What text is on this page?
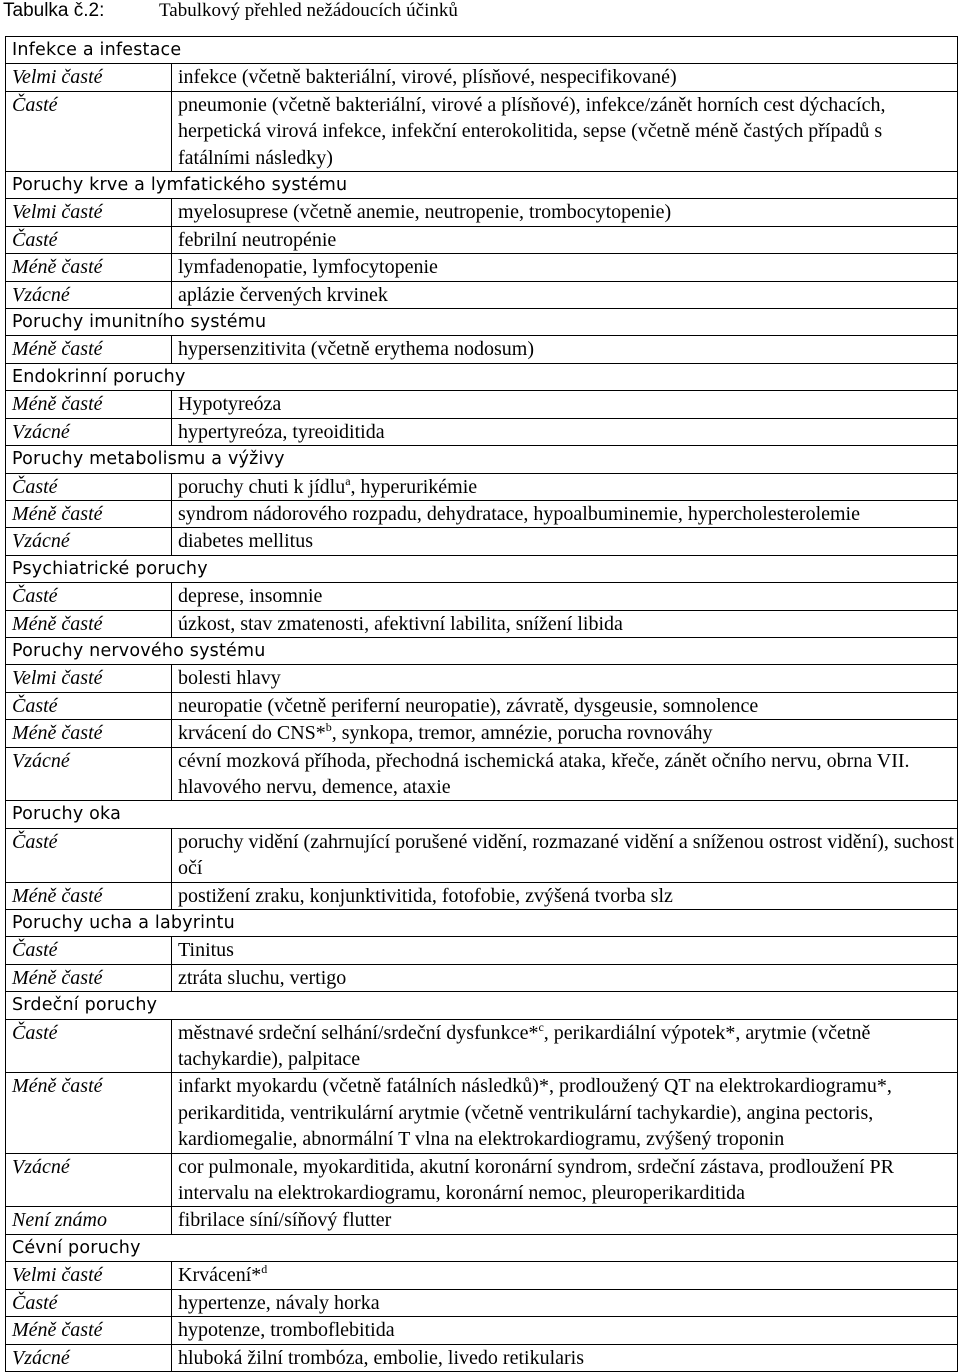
Tabulka č.2:	Tabulkový přehled nežádoucích účinků
Infekce a infestace	
Velmi časté	infekce (včetně bakteriální, virové, plísňové, nespecifikované)
Časté	pneumonie (včetně bakteriální, virové a plísňové), infekce/zánět horních cest dýchacích, herpetická virová infekce, infekční enterokolitida, sepse (včetně méně častých případů s fatálními následky)
Poruchy krve a lymfatického systému	
Velmi časté	myelosuprese (včetně anemie, neutropenie, trombocytopenie)
Časté	febrilní neutropénie
Méně časté	lymfadenopatie, lymfocytopenie
Vzácné	aplázie červených krvinek
Poruchy imunitního systému	
Méně časté	hypersenzitivita (včetně erythema nodosum)
Endokrinní poruchy	
Méně časté	Hypotyreóza
Vzácné	hypertyreóza, tyreoiditida
Poruchy metabolismu a výživy	
Časté	poruchy chuti k jídlu$^a$, hyperurikémie
Méně časté	syndrom nádorového rozpadu, dehydratace, hypoalbuminemie, hypercholesterolemie
Vzácné	diabetes mellitus
Psychiatrické poruchy	
Časté	deprese, insomnie
Méně časté	úzkost, stav zmatenosti, afektivní labilita, snížení libida
Poruchy nervového systému	
Velmi časté	bolesti hlavy
Časté	neuropatie (včetně periferní neuropatie), závratě, dysgeusie, somnolence
Méně časté	krvácení do CNS*$^b$, synkopa, tremor, amnézie, porucha rovnováhy
Vzácné	cévní mozková příhoda, přechodná ischemická ataka, křeče, zánět očního nervu, obrna VII. hlavového nervu, demence, ataxie
Poruchy oka	
Časté	poruchy vidění (zahrnující porušené vidění, rozmazané vidění a sníženou ostrost vidění), suchost očí
Méně časté	postižení zraku, konjunktivitida, fotofobie, zvýšená tvorba slz
Poruchy ucha a labyrintu	
Časté	Tinitus
Méně časté	ztráta sluchu, vertigo
Srdeční poruchy	
Časté	městnavé srdeční selhání/srdeční dysfunkce*$^c$, perikardiální výpotek*, arytmie (včetně tachykardie), palpitace
Méně časté	infarkt myokardu (včetně fatálních následků)*, prodloužený QT na elektrokardiogramu*, perikarditida, ventrikulární arytmie (včetně ventrikulární tachykardie), angina pectoris, kardiomegalie, abnormální T vlna na elektrokardiogramu, zvýšený troponin
Vzácné	cor pulmonale, myokarditida, akutní koronární syndrom, srdeční zástava, prodloužení PR intervalu na elektrokardiogramu, koronární nemoc, pleuroperikarditida
Není známo	fibrilace síní/síňový flutter
Cévní poruchy	
Velmi časté	Krvácení*$^d$
Časté	hypertenze, návaly horka
Méně časté	hypotenze, tromboflebitida
Vzácné	hluboká žilní trombóza, embolie, livedo retikularis
